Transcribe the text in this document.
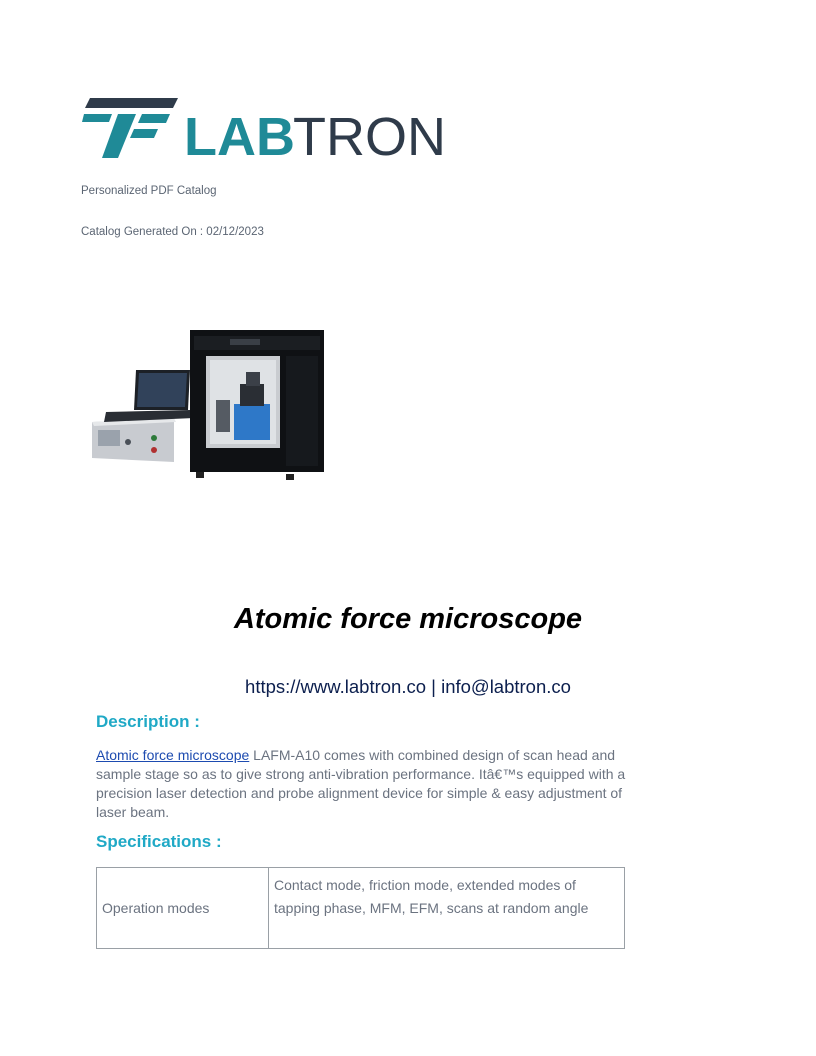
LAB
TRON
Personalized PDF Catalog
Catalog Generated On : 02/12/2023
Atomic force microscope
https://www.labtron.co | info@labtron.co
Description :
Atomic force microscope LAFM-A10 comes with combined design of scan head and sample stage so as to give strong anti-vibration performance. Itâ€™s equipped with a precision laser detection and probe alignment device for simple & easy adjustment of laser beam.
Specifications :
Operation modes	Contact mode, friction mode, extended modes of tapping phase, MFM, EFM, scans at random angle
